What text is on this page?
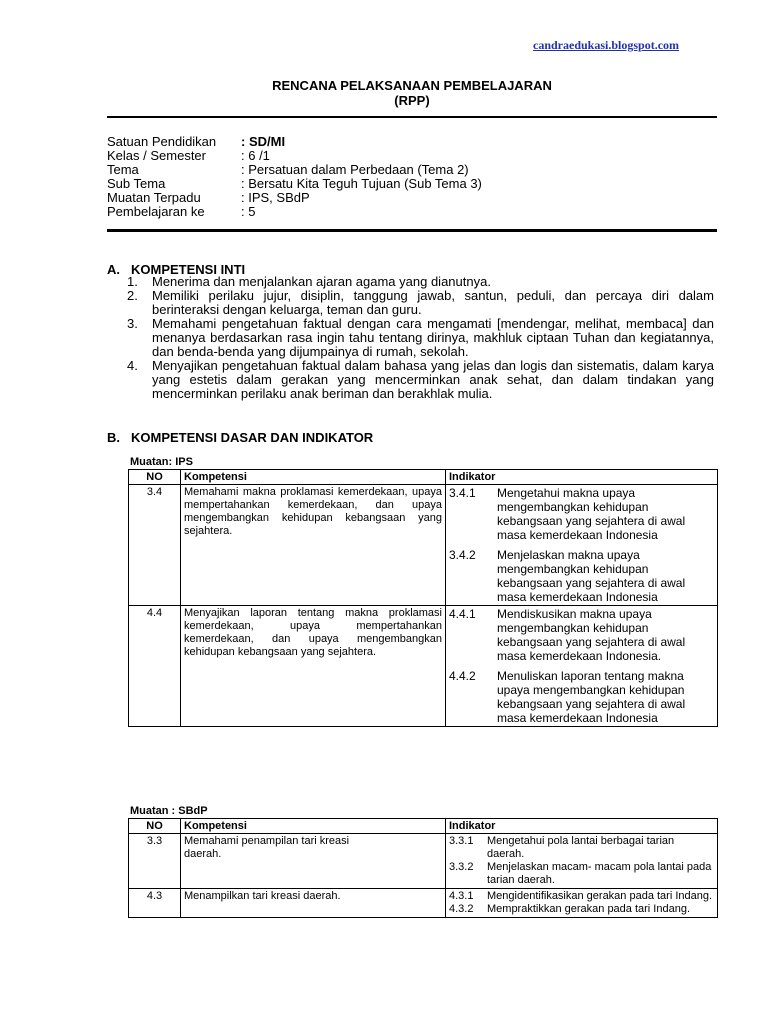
candraedukasi.blogspot.com
RENCANA PELAKSANAAN PEMBELAJARAN
(RPP)
Satuan Pendidikan : SD/MI
Kelas / Semester	: 6 /1
Tema	: Persatuan dalam Perbedaan (Tema 2)
Sub Tema	: Bersatu Kita Teguh Tujuan (Sub Tema 3)
Muatan Terpadu	: IPS, SBdP
Pembelajaran ke	: 5
A. KOMPETENSI INTI
1. Menerima dan menjalankan ajaran agama yang dianutnya.
2. Memiliki perilaku jujur, disiplin, tanggung jawab, santun, peduli, dan percaya diri dalam berinteraksi dengan keluarga, teman dan guru.
3. Memahami pengetahuan faktual dengan cara mengamati [mendengar, melihat, membaca] dan menanya berdasarkan rasa ingin tahu tentang dirinya, makhluk ciptaan Tuhan dan kegiatannya, dan benda-benda yang dijumpainya di rumah, sekolah.
4. Menyajikan pengetahuan faktual dalam bahasa yang jelas dan logis dan sistematis, dalam karya yang estetis dalam gerakan yang mencerminkan anak sehat, dan dalam tindakan yang mencerminkan perilaku anak beriman dan berakhlak mulia.
B. KOMPETENSI DASAR DAN INDIKATOR
Muatan: IPS
NO	Kompetensi	Indikator
3.4	Memahami makna proklamasi kemerdekaan, upaya mempertahankan kemerdekaan, dan upaya mengembangkan kehidupan kebangsaan yang sejahtera.	3.4.1 Mengetahui makna upaya mengembangkan kehidupan kebangsaan yang sejahtera di awal masa kemerdekaan Indonesia
3.4.2 Menjelaskan makna upaya mengembangkan kehidupan kebangsaan yang sejahtera di awal masa kemerdekaan Indonesia

4.4	Menyajikan laporan tentang makna proklamasi kemerdekaan, upaya mempertahankan kemerdekaan, dan upaya mengembangkan kehidupan kebangsaan yang sejahtera.	4.4.1 Mendiskusikan makna upaya mengembangkan kehidupan kebangsaan yang sejahtera di awal masa kemerdekaan Indonesia.
4.4.2 Menuliskan laporan tentang makna upaya mengembangkan kehidupan kebangsaan yang sejahtera di awal masa kemerdekaan Indonesia
Muatan : SBdP
NO	Kompetensi	Indikator
3.3	Memahami penampilan tari kreasi daerah.	3.3.1 Mengetahui pola lantai berbagai tarian daerah.
3.3.2 Menjelaskan macam- macam pola lantai pada tarian daerah.

4.3	Menampilkan tari kreasi daerah.	4.3.1 Mengidentifikasikan gerakan pada tari Indang.
4.3.2 Mempraktikkan gerakan pada tari Indang.
